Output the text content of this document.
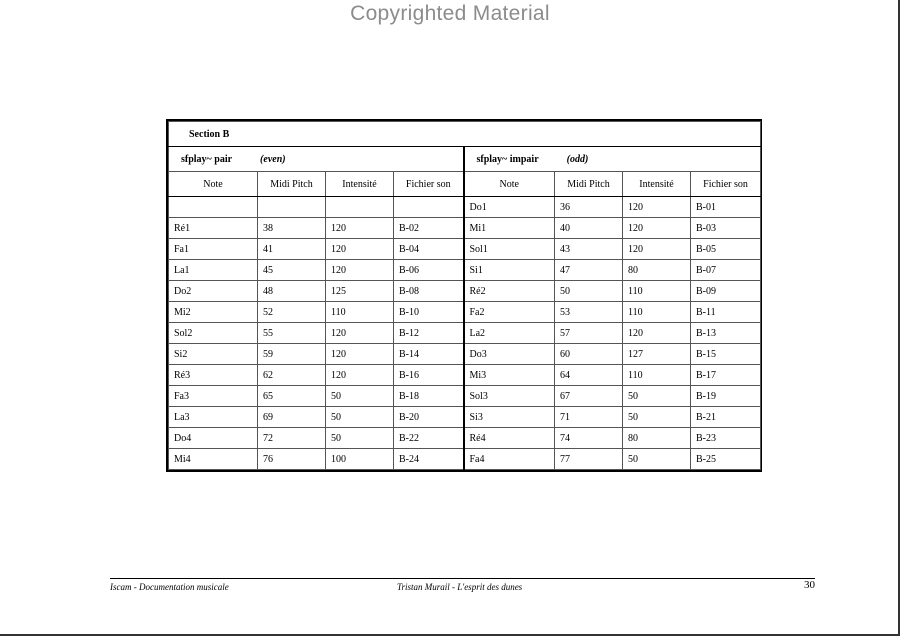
Copyrighted Material
Section B							
sfplay~ pair (even)				sfplay~ impair (odd)			
Note	Midi Pitch	Intensité	Fichier son	Note	Midi Pitch	Intensité	Fichier son
				Do1	36	120	B-01
Ré1	38	120	B-02	Mi1	40	120	B-03
Fa1	41	120	B-04	Sol1	43	120	B-05
La1	45	120	B-06	Si1	47	80	B-07
Do2	48	125	B-08	Ré2	50	110	B-09
Mi2	52	110	B-10	Fa2	53	110	B-11
Sol2	55	120	B-12	La2	57	120	B-13
Si2	59	120	B-14	Do3	60	127	B-15
Ré3	62	120	B-16	Mi3	64	110	B-17
Fa3	65	50	B-18	Sol3	67	50	B-19
La3	69	50	B-20	Si3	71	50	B-21
Do4	72	50	B-22	Ré4	74	80	B-23
Mi4	76	100	B-24	Fa4	77	50	B-25
Iscam - Documentation musicale	Tristan Murail - L'esprit des dunes	30
